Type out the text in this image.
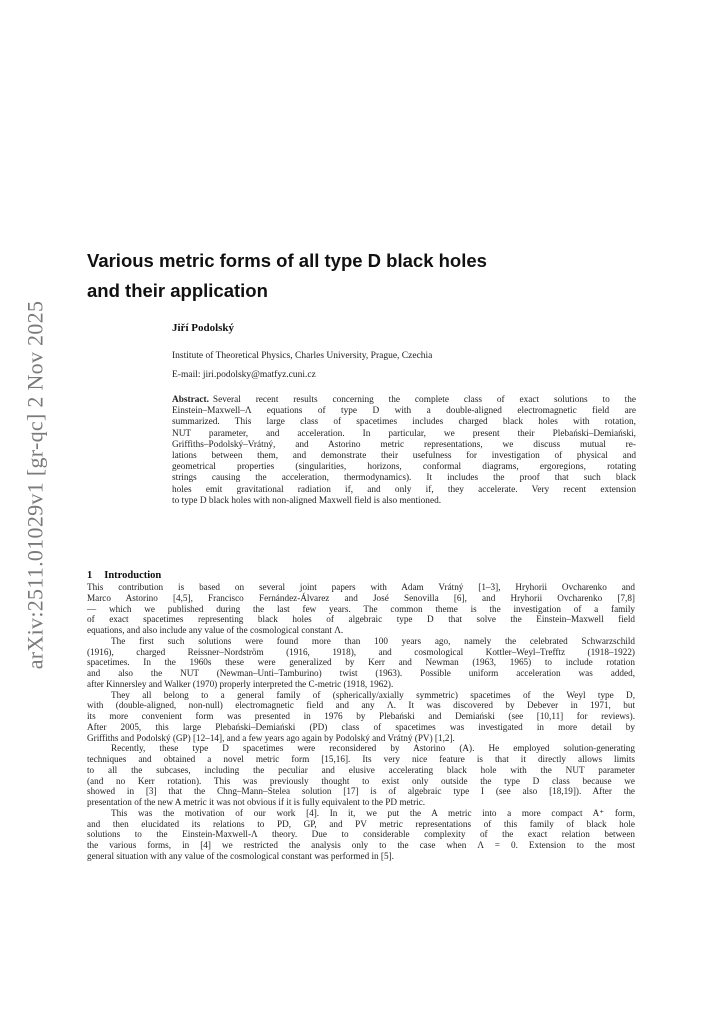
arXiv:2511.01029v1 [gr-qc] 2 Nov 2025
Various metric forms of all type D black holes
and their application
Jiří Podolský
Institute of Theoretical Physics, Charles University, Prague, Czechia
E-mail: jiri.podolsky@matfyz.cuni.cz
Abstract. Several recent results concerning the complete class of exact solutions to the
Einstein–Maxwell–Λ equations of type D with a double-aligned electromagnetic field are
summarized. This large class of spacetimes includes charged black holes with rotation,
NUT parameter, and acceleration. In particular, we present their Plebański–Demiański,
Griffiths–Podolský–Vrátný, and Astorino metric representations, we discuss mutual re-
lations between them, and demonstrate their usefulness for investigation of physical and
geometrical properties (singularities, horizons, conformal diagrams, ergoregions, rotating
strings causing the acceleration, thermodynamics). It includes the proof that such black
holes emit gravitational radiation if, and only if, they accelerate. Very recent extension
to type D black holes with non-aligned Maxwell field is also mentioned.
1 Introduction
This contribution is based on several joint papers with Adam Vrátný [1–3], Hryhorii Ovcharenko and
Marco Astorino [4,5], Francisco Fernández-Álvarez and José Senovilla [6], and Hryhorii Ovcharenko [7,8]
— which we published during the last few years. The common theme is the investigation of a family
of exact spacetimes representing black holes of algebraic type D that solve the Einstein–Maxwell field
equations, and also include any value of the cosmological constant Λ.
The first such solutions were found more than 100 years ago, namely the celebrated Schwarzschild
(1916), charged Reissner–Nordström (1916, 1918), and cosmological Kottler–Weyl–Trefftz (1918–1922)
spacetimes. In the 1960s these were generalized by Kerr and Newman (1963, 1965) to include rotation
and also the NUT (Newman–Unti–Tamburino) twist (1963). Possible uniform acceleration was added,
after Kinnersley and Walker (1970) properly interpreted the C-metric (1918, 1962).
They all belong to a general family of (spherically/axially symmetric) spacetimes of the Weyl type D,
with (double-aligned, non-null) electromagnetic field and any Λ. It was discovered by Debever in 1971, but
its more convenient form was presented in 1976 by Plebański and Demiański (see [10,11] for reviews).
After 2005, this large Plebański–Demiański (PD) class of spacetimes was investigated in more detail by
Griffiths and Podolský (GP) [12–14], and a few years ago again by Podolský and Vrátný (PV) [1,2].
Recently, these type D spacetimes were reconsidered by Astorino (A). He employed solution-generating
techniques and obtained a novel metric form [15,16]. Its very nice feature is that it directly allows limits
to all the subcases, including the peculiar and elusive accelerating black hole with the NUT parameter
(and no Kerr rotation). This was previously thought to exist only outside the type D class because we
showed in [3] that the Chng–Mann–Stelea solution [17] is of algebraic type I (see also [18,19]). After the
presentation of the new A metric it was not obvious if it is fully equivalent to the PD metric.
This was the motivation of our work [4]. In it, we put the A metric into a more compact A⁺ form,
and then elucidated its relations to PD, GP, and PV metric representations of this family of black hole
solutions to the Einstein-Maxwell-Λ theory. Due to considerable complexity of the exact relation between
the various forms, in [4] we restricted the analysis only to the case when Λ = 0. Extension to the most
general situation with any value of the cosmological constant was performed in [5].
